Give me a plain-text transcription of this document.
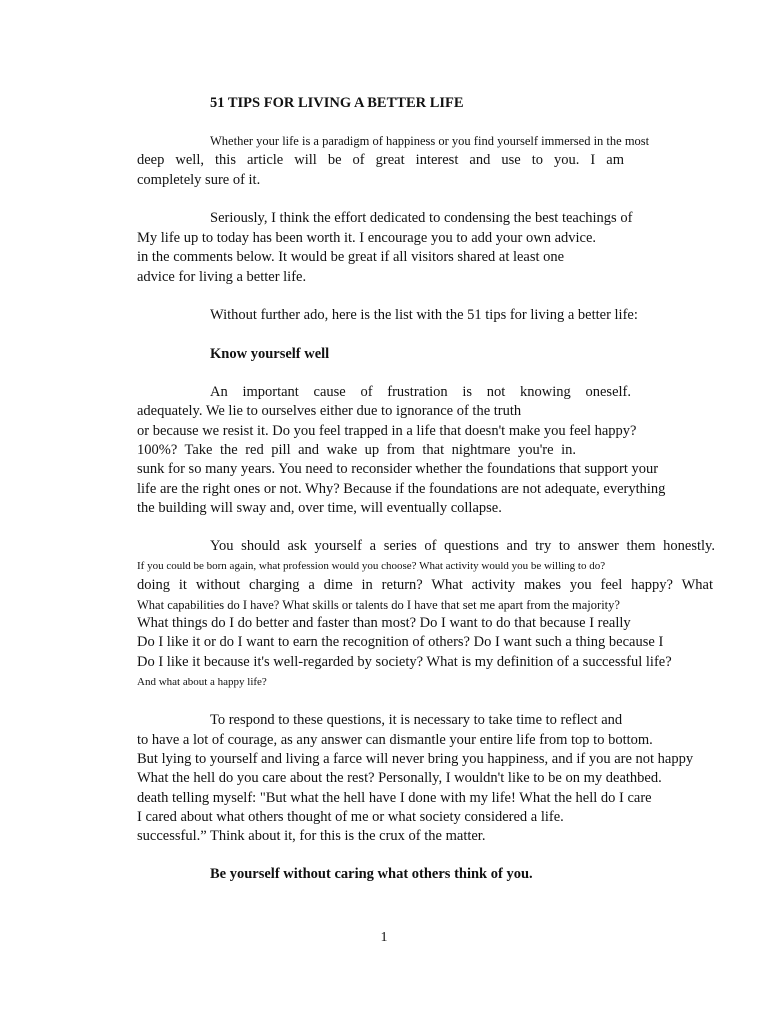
51 TIPS FOR LIVING A BETTER LIFE
Whether your life is a paradigm of happiness or you find yourself immersed in the most
deep well, this article will be of great interest and use to you. I am
completely sure of it.
Seriously, I think the effort dedicated to condensing the best teachings of
My life up to today has been worth it. I encourage you to add your own advice.
in the comments below. It would be great if all visitors shared at least one
advice for living a better life.
Without further ado, here is the list with the 51 tips for living a better life:
Know yourself well
An important cause of frustration is not knowing oneself.
adequately. We lie to ourselves either due to ignorance of the truth
or because we resist it. Do you feel trapped in a life that doesn't make you feel happy?
100%? Take the red pill and wake up from that nightmare you're in.
sunk for so many years. You need to reconsider whether the foundations that support your
life are the right ones or not. Why? Because if the foundations are not adequate, everything
the building will sway and, over time, will eventually collapse.
You should ask yourself a series of questions and try to answer them honestly.
If you could be born again, what profession would you choose? What activity would you be willing to do?
doing it without charging a dime in return? What activity makes you feel happy? What
What capabilities do I have? What skills or talents do I have that set me apart from the majority?
What things do I do better and faster than most? Do I want to do that because I really
Do I like it or do I want to earn the recognition of others? Do I want such a thing because I
Do I like it because it's well-regarded by society? What is my definition of a successful life?
And what about a happy life?
To respond to these questions, it is necessary to take time to reflect and
to have a lot of courage, as any answer can dismantle your entire life from top to bottom.
But lying to yourself and living a farce will never bring you happiness, and if you are not happy
What the hell do you care about the rest? Personally, I wouldn't like to be on my deathbed.
death telling myself: "But what the hell have I done with my life! What the hell do I care
I cared about what others thought of me or what society considered a life.
successful.” Think about it, for this is the crux of the matter.
Be yourself without caring what others think of you.
1
